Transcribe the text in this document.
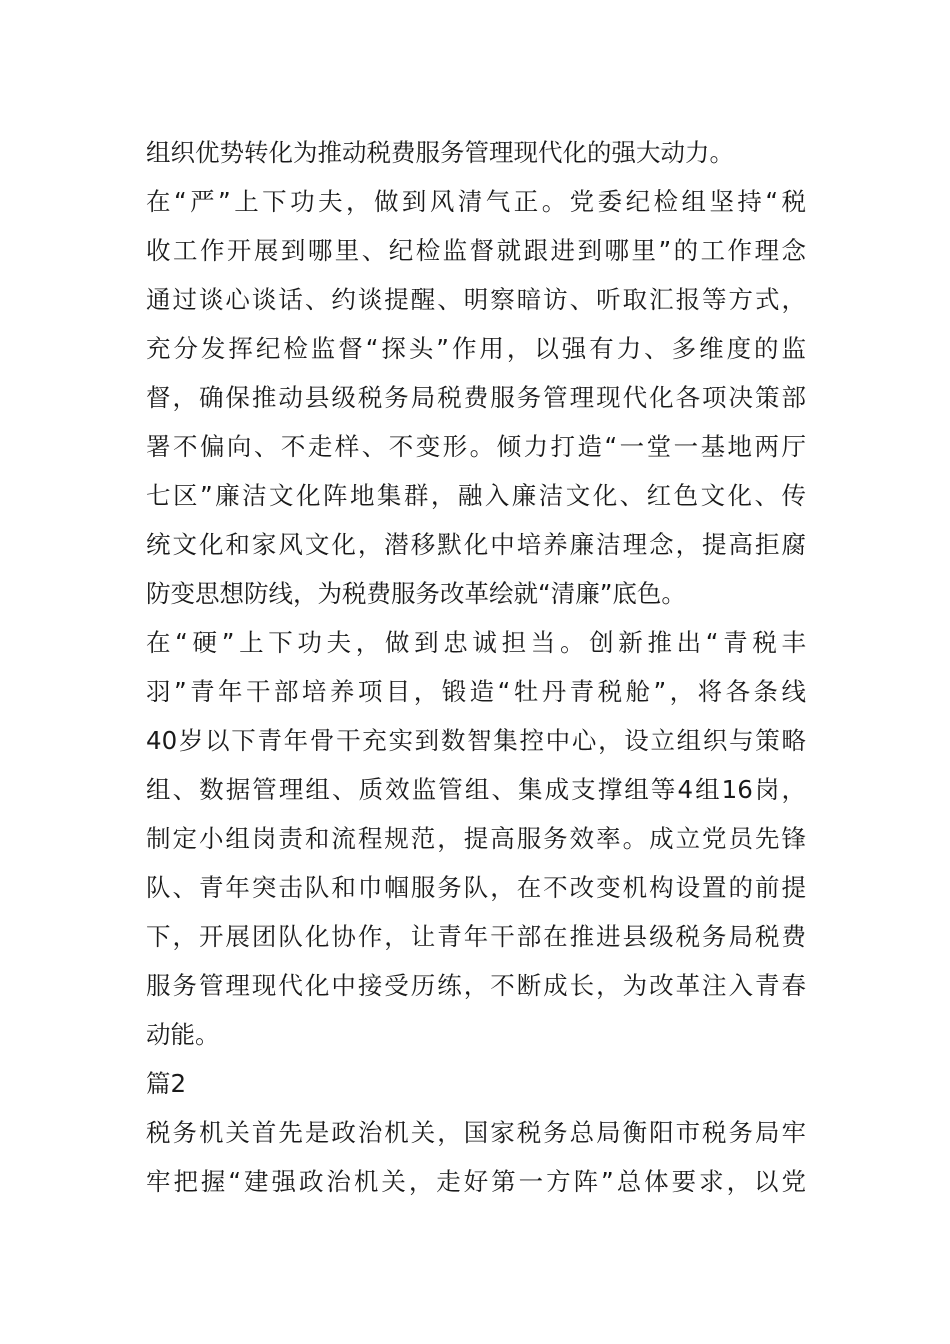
组织优势转化为推动税费服务管理现代化的强大动力。
在“严”上下功夫，做到风清气正。党委纪检组坚持“税
收工作开展到哪里、纪检监督就跟进到哪里”的工作理念
通过谈心谈话、约谈提醒、明察暗访、听取汇报等方式，
充分发挥纪检监督“探头”作用，以强有力、多维度的监
督，确保推动县级税务局税费服务管理现代化各项决策部
署不偏向、不走样、不变形。倾力打造“一堂一基地两厅
七区”廉洁文化阵地集群，融入廉洁文化、红色文化、传
统文化和家风文化，潜移默化中培养廉洁理念，提高拒腐
防变思想防线，为税费服务改革绘就“清廉”底色。
在“硬”上下功夫，做到忠诚担当。创新推出“青税丰
羽”青年干部培养项目，锻造“牡丹青税舱”，将各条线
40岁以下青年骨干充实到数智集控中心，设立组织与策略
组、数据管理组、质效监管组、集成支撑组等4组16岗，
制定小组岗责和流程规范，提高服务效率。成立党员先锋
队、青年突击队和巾帼服务队，在不改变机构设置的前提
下，开展团队化协作，让青年干部在推进县级税务局税费
服务管理现代化中接受历练，不断成长，为改革注入青春
动能。
篇2
税务机关首先是政治机关，国家税务总局衡阳市税务局牢
牢把握“建强政治机关，走好第一方阵”总体要求，以党
